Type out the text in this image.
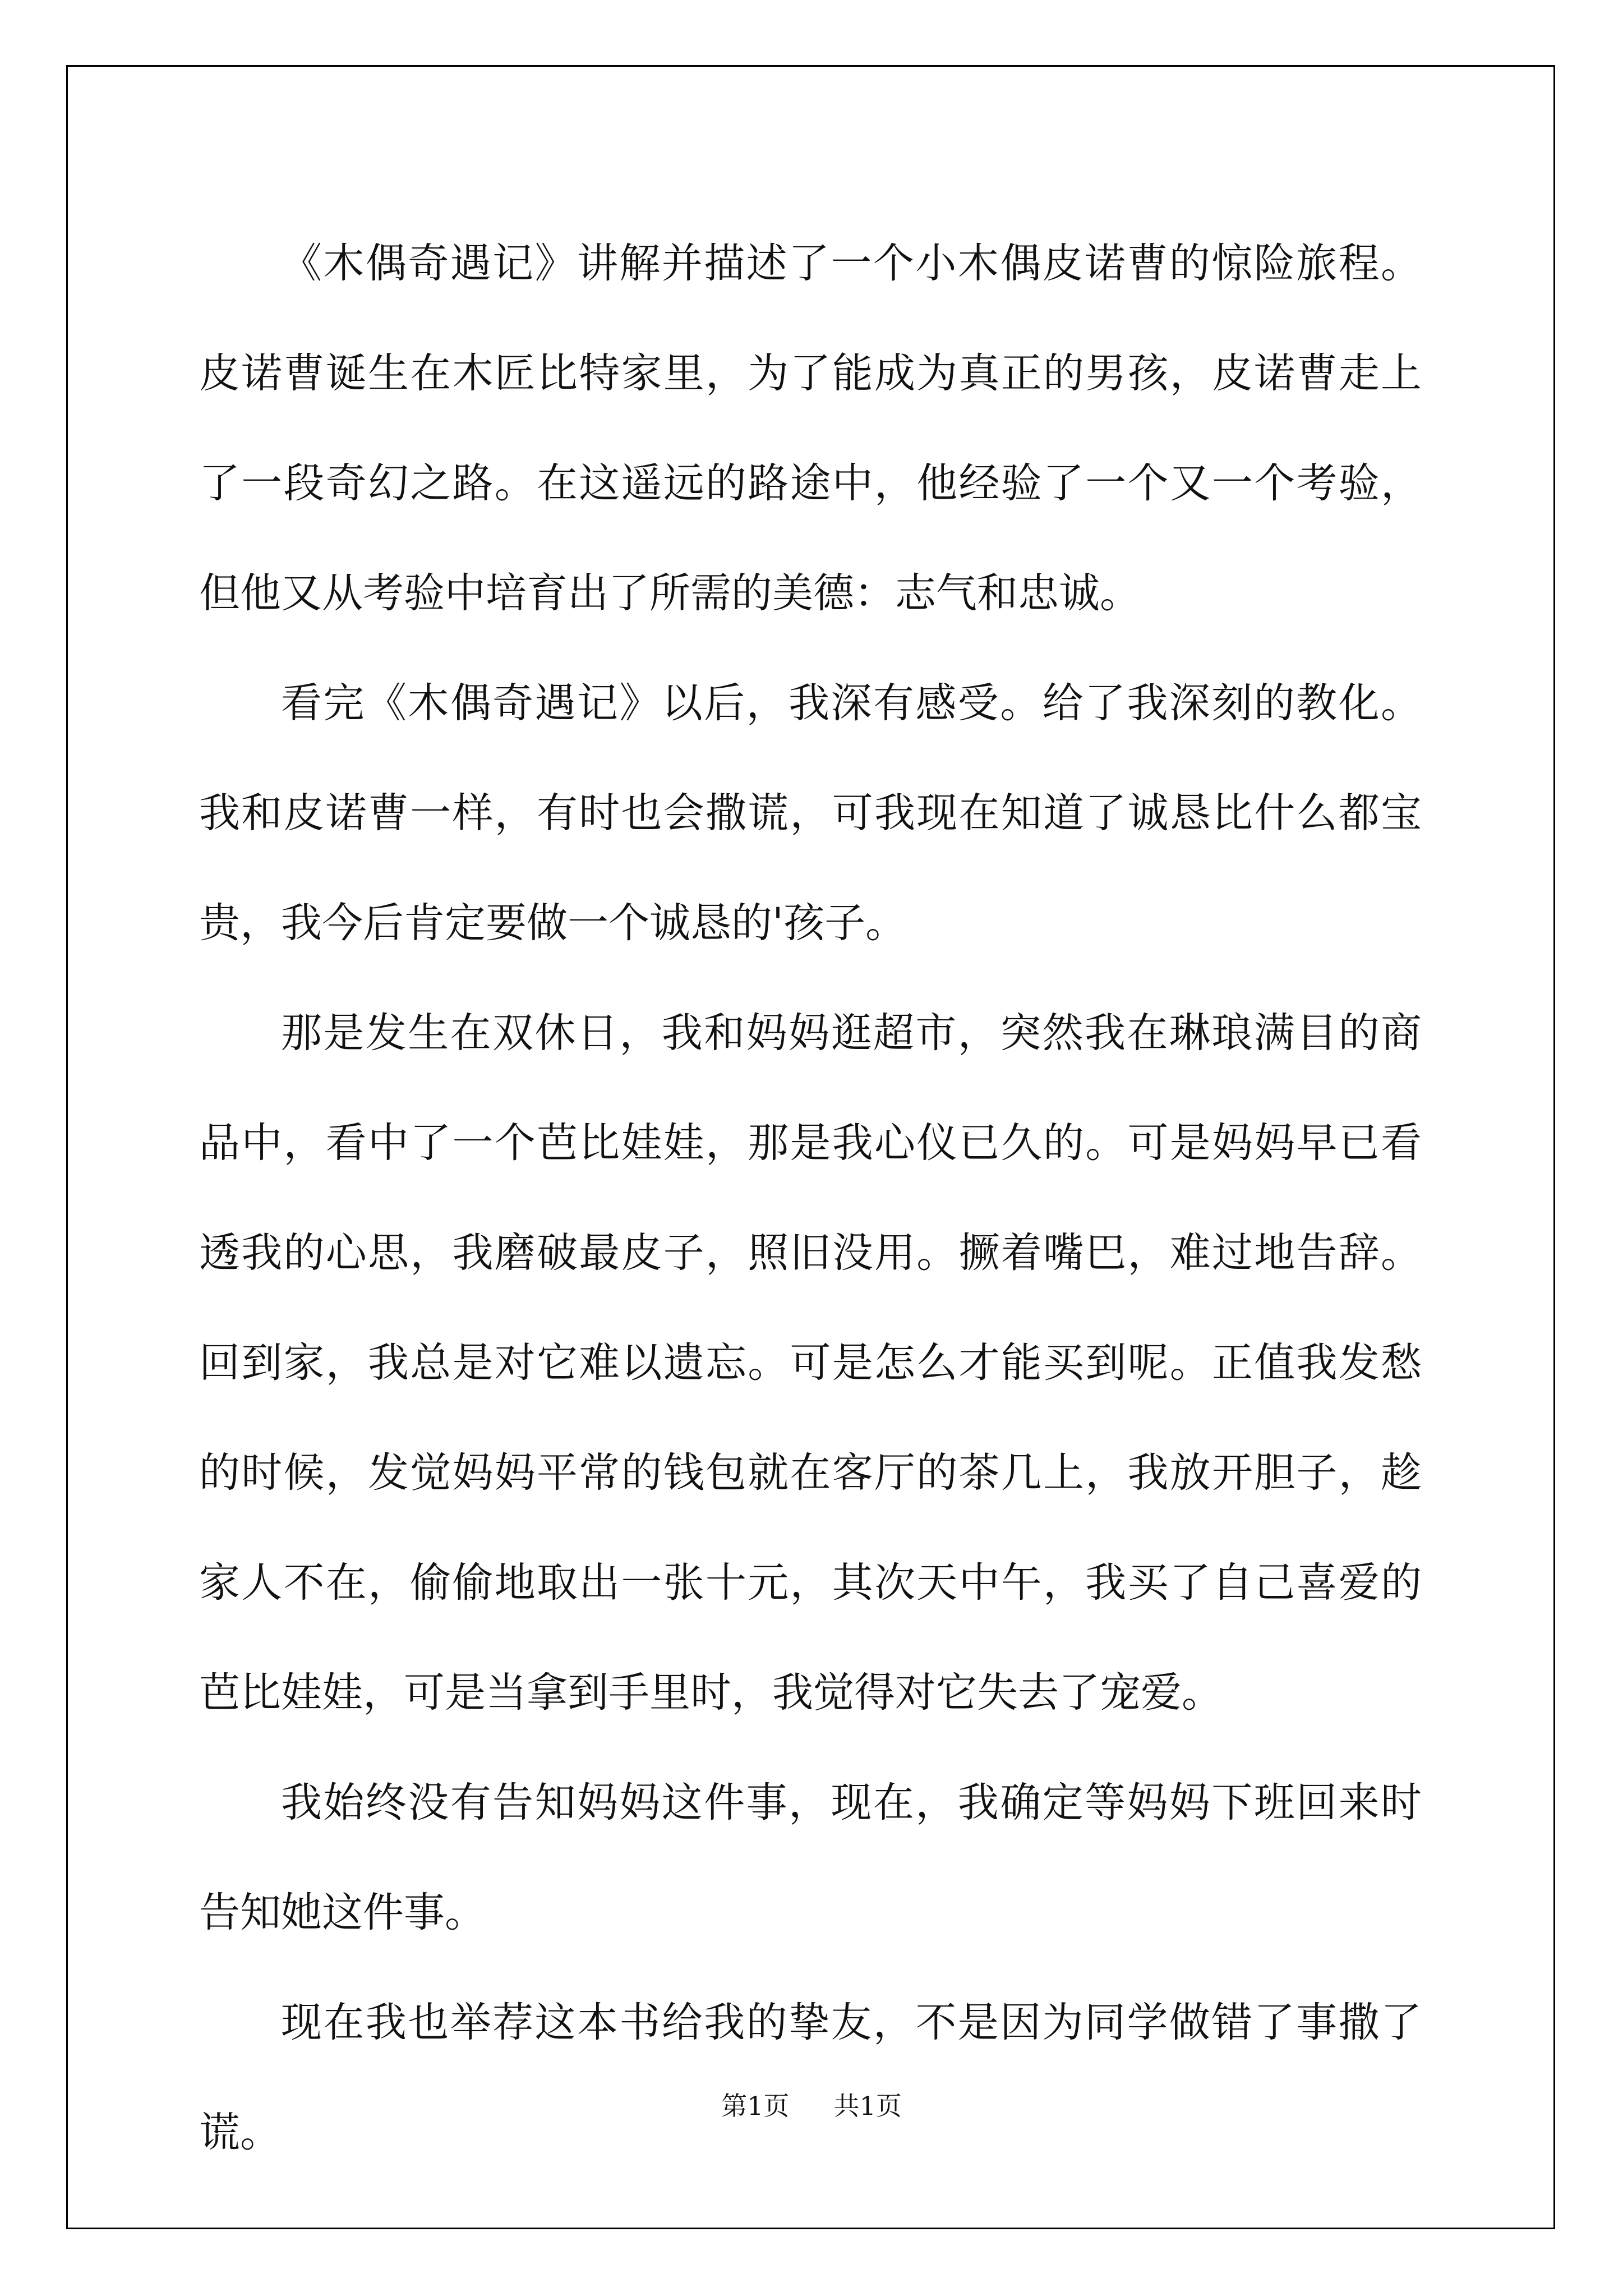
《木偶奇遇记》讲解并描述了一个小木偶皮诺曹的惊险旅程。皮诺曹诞生在木匠比特家里，为了能成为真正的男孩，皮诺曹走上了一段奇幻之路。在这遥远的路途中，他经验了一个又一个考验，但他又从考验中培育出了所需的美德：志气和忠诚。

看完《木偶奇遇记》以后，我深有感受。给了我深刻的教化。我和皮诺曹一样，有时也会撒谎，可我现在知道了诚恳比什么都宝贵，我今后肯定要做一个诚恳的'孩子。

那是发生在双休日，我和妈妈逛超市，突然我在琳琅满目的商品中，看中了一个芭比娃娃，那是我心仪已久的。可是妈妈早已看透我的心思，我磨破最皮子，照旧没用。撅着嘴巴，难过地告辞。回到家，我总是对它难以遗忘。可是怎么才能买到呢。正值我发愁的时候，发觉妈妈平常的钱包就在客厅的茶几上，我放开胆子，趁家人不在，偷偷地取出一张十元，其次天中午，我买了自己喜爱的芭比娃娃，可是当拿到手里时，我觉得对它失去了宠爱。

我始终没有告知妈妈这件事，现在，我确定等妈妈下班回来时告知她这件事。

现在我也举荐这本书给我的挚友，不是因为同学做错了事撒了谎。

第1页 共1页
